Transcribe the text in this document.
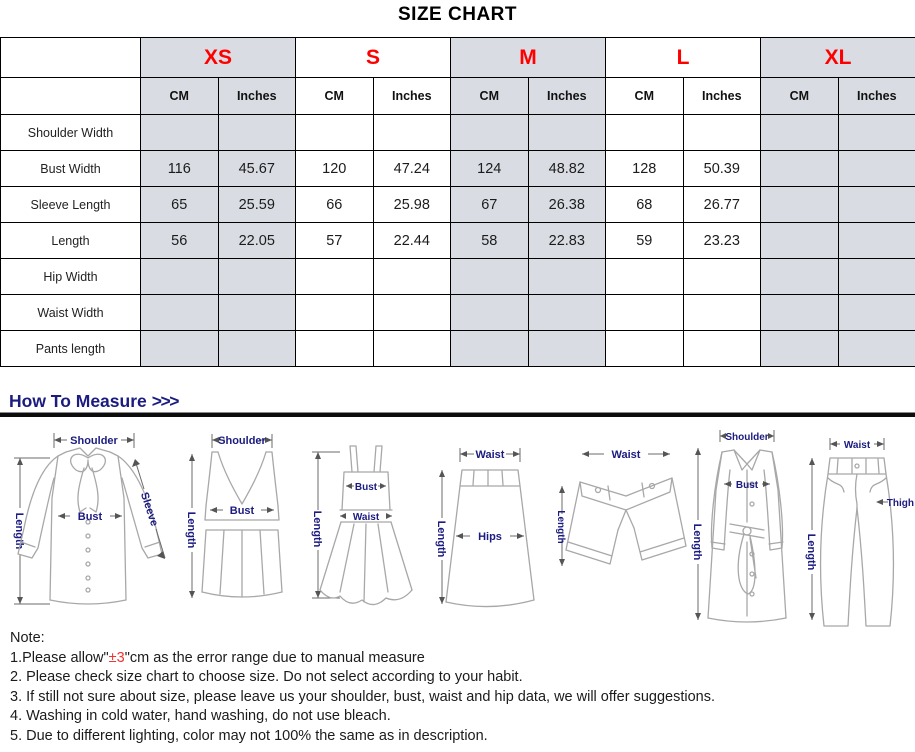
SIZE CHART
	XS		S		M		L		XL	
	CM	Inches	CM	Inches	CM	Inches	CM	Inches	CM	Inches
Shoulder Width										
Bust Width	116	45.67	120	47.24	124	48.82	128	50.39		
Sleeve Length	65	25.59	66	25.98	67	26.38	68	26.77		
Length	56	22.05	57	22.44	58	22.83	59	23.23		
Hip Width										
Waist Width										
Pants length										
How To Measure >>>
Shoulder
Length	Bust	Sleeve
Shoulder
Length
Bust	Length
Bust
Waist
Waist
Length	Hips
Waist
Length
Shoulder
Length
Bust
Waist
Length
Thigh
Note:
1.Please allow"±3"cm as the error range due to manual measure
2. Please check size chart to choose size. Do not select according to your habit.
3. If still not sure about size, please leave us your shoulder, bust, waist and hip data, we will offer suggestions.
4. Washing in cold water, hand washing, do not use bleach.
5. Due to different lighting, color may not 100% the same as in description.
